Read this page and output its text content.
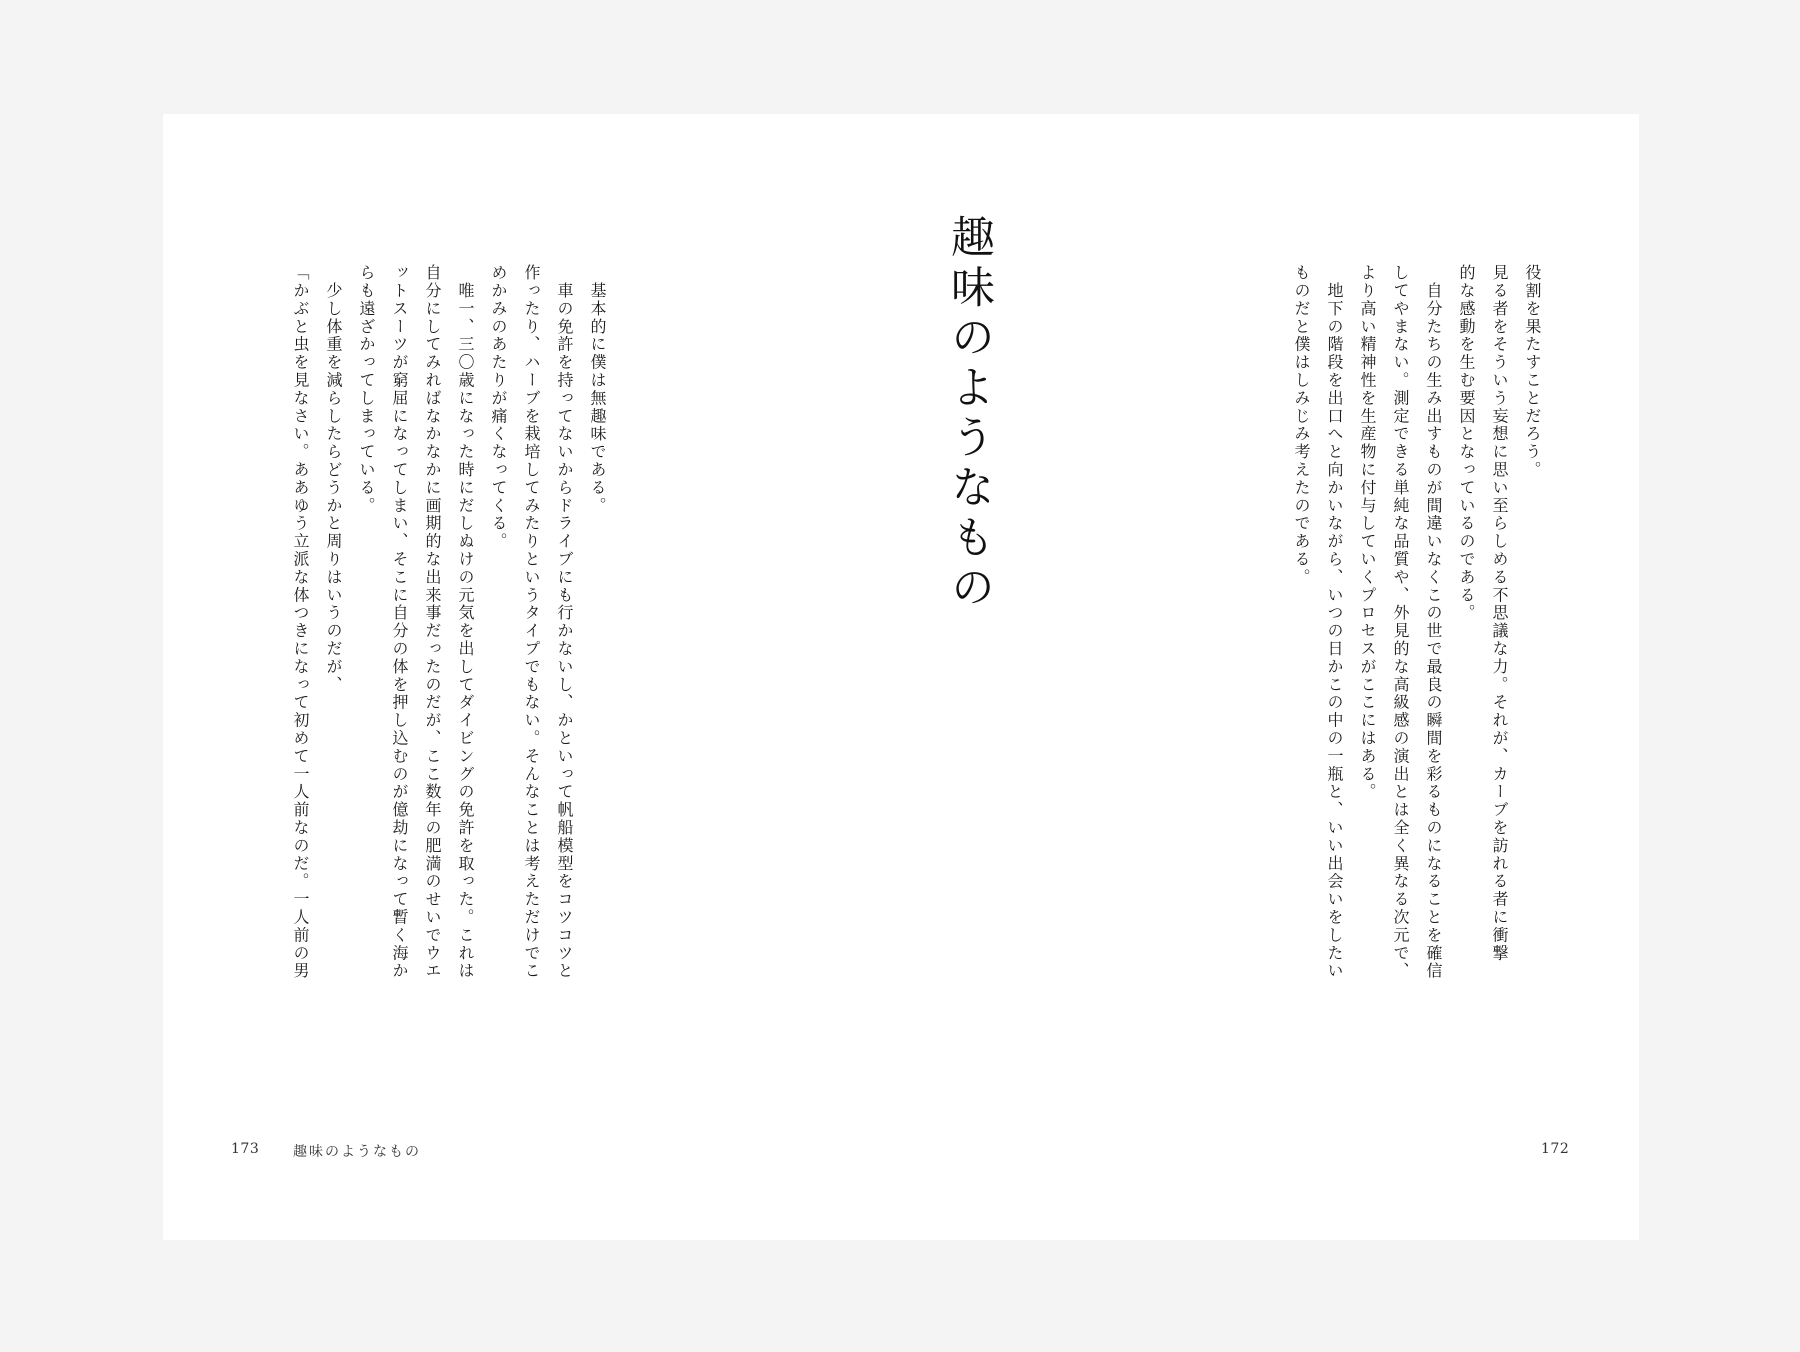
役割を果たすことだろう。
見る者をそういう妄想に思い至らしめる不思議な力。それが、カーブを訪れる者に衝撃
的な感動を生む要因となっているのである。
　自分たちの生み出すものが間違いなくこの世で最良の瞬間を彩るものになることを確信
してやまない。測定できる単純な品質や、外見的な高級感の演出とは全く異なる次元で、
より高い精神性を生産物に付与していくプロセスがここにはある。
　地下の階段を出口へと向かいながら、いつの日かこの中の一瓶と、いい出会いをしたい
ものだと僕はしみじみ考えたのである。
趣味のようなもの
　基本的に僕は無趣味である。
　車の免許を持ってないからドライブにも行かないし、かといって帆船模型をコツコツと
作ったり、ハーブを栽培してみたりというタイプでもない。そんなことは考えただけでこ
めかみのあたりが痛くなってくる。
　唯一、三〇歳になった時にだしぬけの元気を出してダイビングの免許を取った。これは
自分にしてみればなかなかに画期的な出来事だったのだが、ここ数年の肥満のせいでウエ
ットスーツが窮屈になってしまい、そこに自分の体を押し込むのが億劫になって暫く海か
らも遠ざかってしまっている。
　少し体重を減らしたらどうかと周りはいうのだが、
「かぶと虫を見なさい。ああゆう立派な体つきになって初めて一人前なのだ。一人前の男
173 趣味のようなもの	172
